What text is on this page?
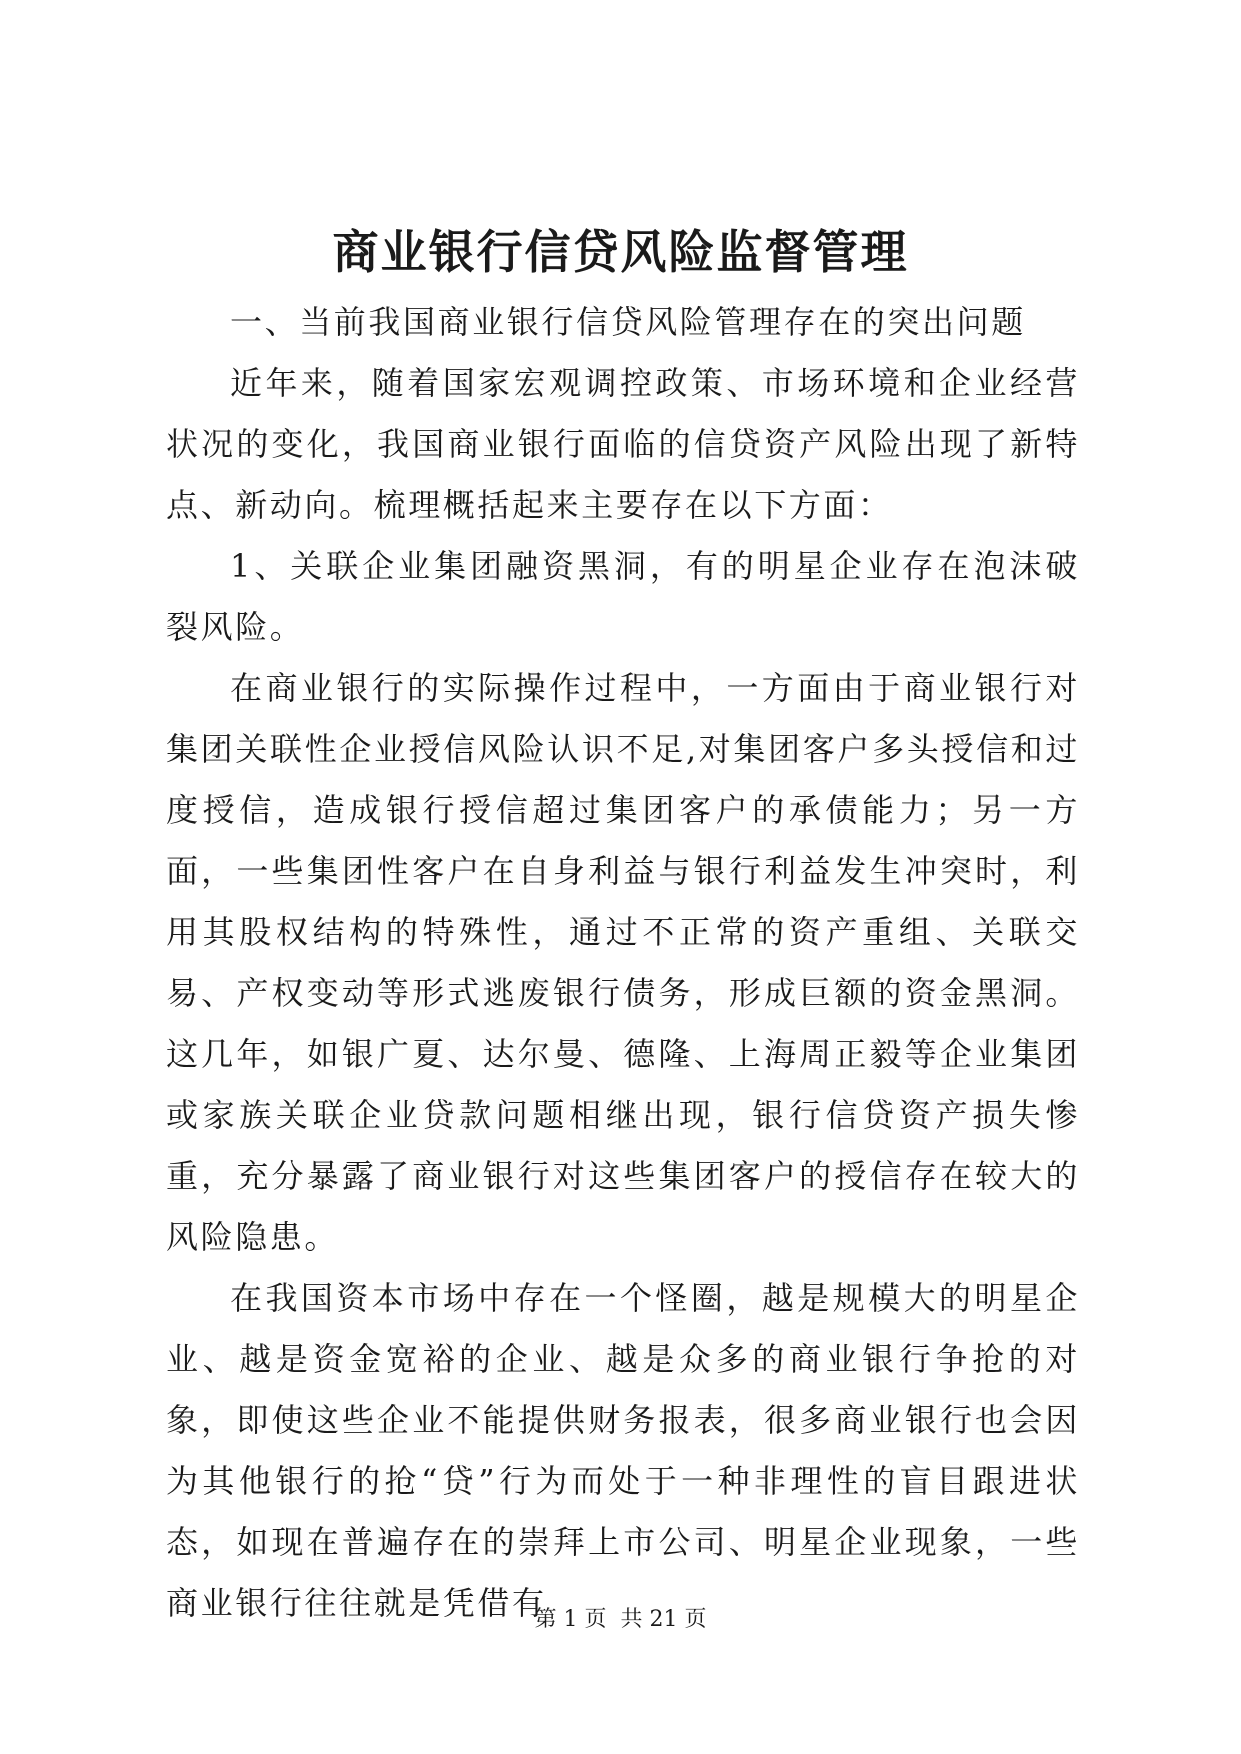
商业银行信贷风险监督管理

一、当前我国商业银行信贷风险管理存在的突出问题

近年来，随着国家宏观调控政策、市场环境和企业经营状况的变化，我国商业银行面临的信贷资产风险出现了新特点、新动向。梳理概括起来主要存在以下方面：

1、关联企业集团融资黑洞，有的明星企业存在泡沫破裂风险。

在商业银行的实际操作过程中，一方面由于商业银行对集团关联性企业授信风险认识不足,对集团客户多头授信和过度授信，造成银行授信超过集团客户的承债能力；另一方面，一些集团性客户在自身利益与银行利益发生冲突时，利用其股权结构的特殊性，通过不正常的资产重组、关联交易、产权变动等形式逃废银行债务，形成巨额的资金黑洞。这几年，如银广夏、达尔曼、德隆、上海周正毅等企业集团或家族关联企业贷款问题相继出现，银行信贷资产损失惨重，充分暴露了商业银行对这些集团客户的授信存在较大的风险隐患。

在我国资本市场中存在一个怪圈，越是规模大的明星企业、越是资金宽裕的企业、越是众多的商业银行争抢的对象，即使这些企业不能提供财务报表，很多商业银行也会因为其他银行的抢“贷”行为而处于一种非理性的盲目跟进状态，如现在普遍存在的崇拜上市公司、明星企业现象，一些商业银行往往就是凭借有

第 1 页 共 21 页
